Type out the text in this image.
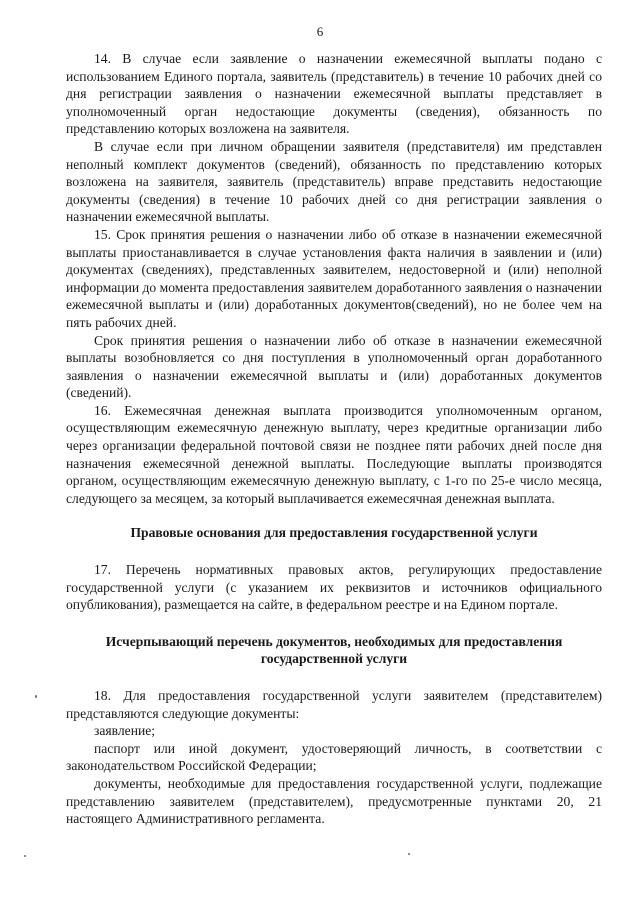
6

14. В случае если заявление о назначении ежемесячной выплаты подано с использованием Единого портала, заявитель (представитель) в течение 10 рабочих дней со дня регистрации заявления о назначении ежемесячной выплаты представляет в уполномоченный орган недостающие документы (сведения), обязанность по представлению которых возложена на заявителя.

В случае если при личном обращении заявителя (представителя) им представлен неполный комплект документов (сведений), обязанность по представлению которых возложена на заявителя, заявитель (представитель) вправе представить недостающие документы (сведения) в течение 10 рабочих дней со дня регистрации заявления о назначении ежемесячной выплаты.

15. Срок принятия решения о назначении либо об отказе в назначении ежемесячной выплаты приостанавливается в случае установления факта наличия в заявлении и (или) документах (сведениях), представленных заявителем, недостоверной и (или) неполной информации до момента предоставления заявителем доработанного заявления о назначении ежемесячной выплаты и (или) доработанных документов(сведений), но не более чем на пять рабочих дней.

Срок принятия решения о назначении либо об отказе в назначении ежемесячной выплаты возобновляется со дня поступления в уполномоченный орган доработанного заявления о назначении ежемесячной выплаты и (или) доработанных документов (сведений).

16. Ежемесячная денежная выплата производится уполномоченным органом, осуществляющим ежемесячную денежную выплату, через кредитные организации либо через организации федеральной почтовой связи не позднее пяти рабочих дней после дня назначения ежемесячной денежной выплаты. Последующие выплаты производятся органом, осуществляющим ежемесячную денежную выплату, с 1-го по 25-е число месяца, следующего за месяцем, за который выплачивается ежемесячная денежная выплата.

Правовые основания для предоставления государственной услуги

17. Перечень нормативных правовых актов, регулирующих предоставление государственной услуги (с указанием их реквизитов и источников официального опубликования), размещается на сайте, в федеральном реестре и на Едином портале.

Исчерпывающий перечень документов, необходимых для предоставления

государственной услуги

18. Для предоставления государственной услуги заявителем (представителем) представляются следующие документы:

заявление;

паспорт или иной документ, удостоверяющий личность, в соответствии с законодательством Российской Федерации;

документы, необходимые для предоставления государственной услуги, подлежащие представлению заявителем (представителем), предусмотренные пунктами 20, 21 настоящего Административного регламента.
